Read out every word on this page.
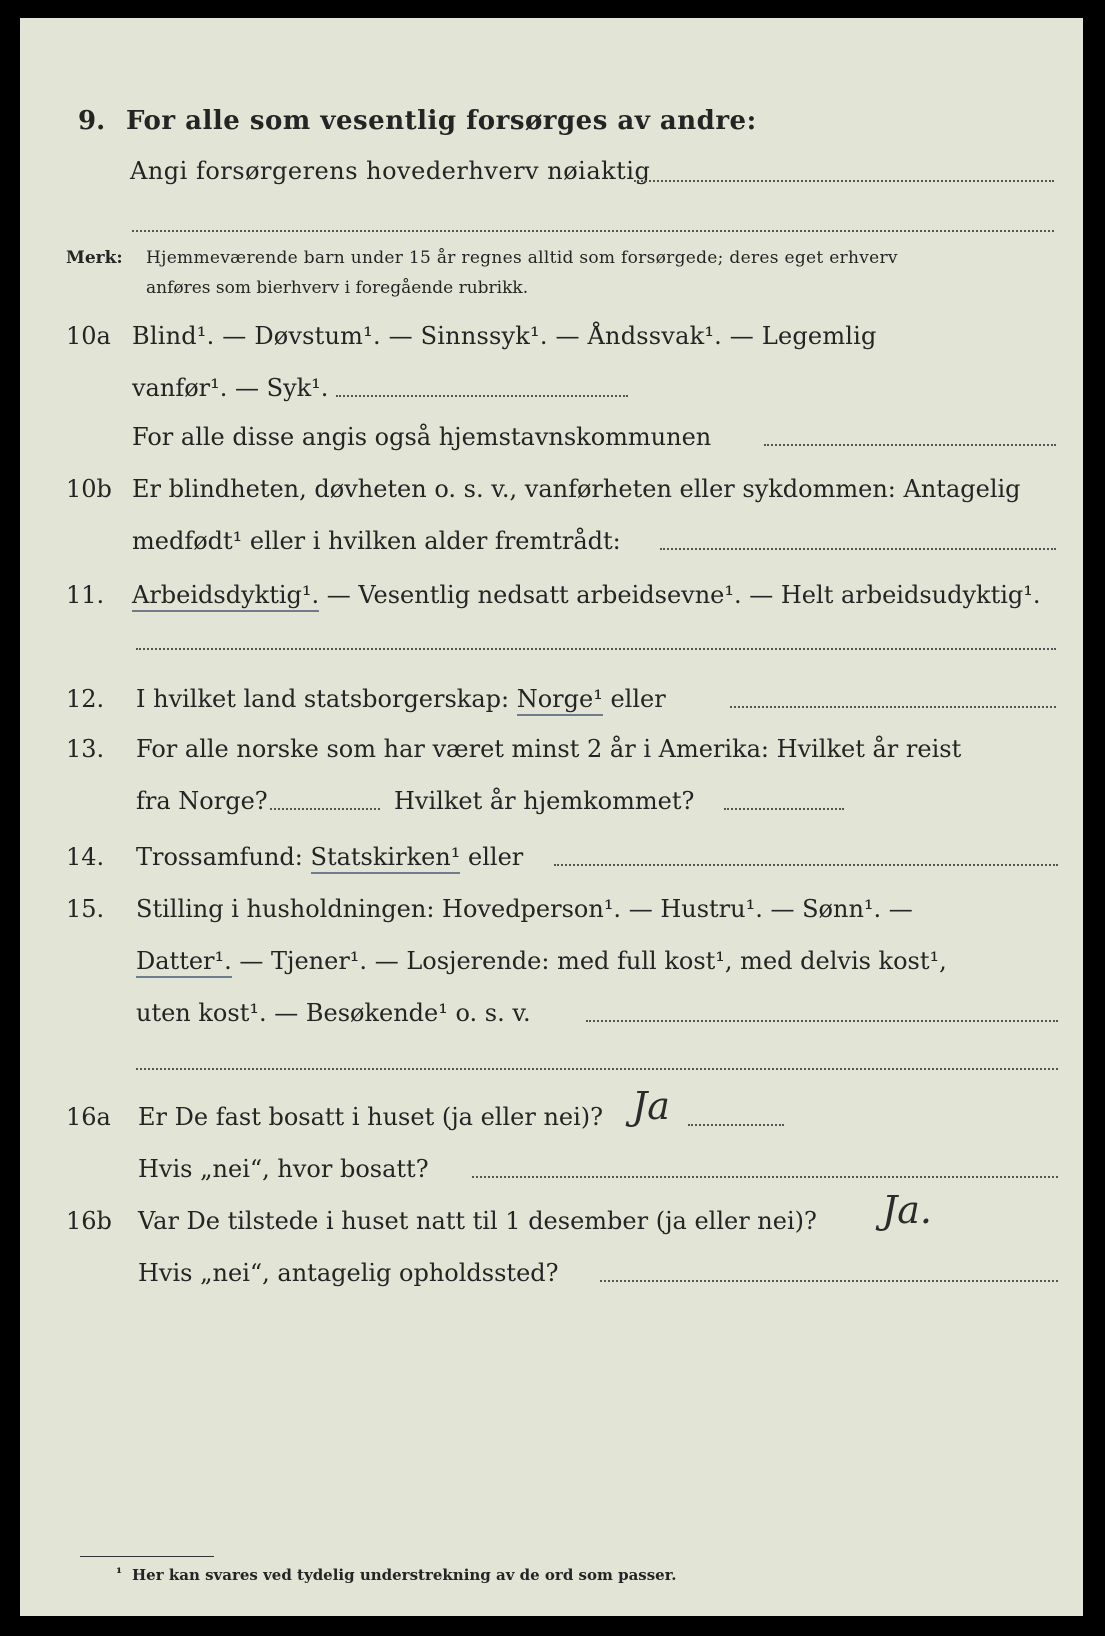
9. For alle som vesentlig forsørges av andre:
Angi forsørgerens hovederhverv nøiaktig
Merk: Hjemmeværende barn under 15 år regnes alltid som forsørgede; deres eget erhverv
anføres som bierhverv i foregående rubrikk.
10a Blind¹. — Døvstum¹. — Sinnssyk¹. — Åndssvak¹. — Legemlig
vanfør¹. — Syk¹.
For alle disse angis også hjemstavnskommunen
10b Er blindheten, døvheten o. s. v., vanførheten eller sykdommen: Antagelig
medfødt¹ eller i hvilken alder fremtrådt:
11. Arbeidsdyktig¹. — Vesentlig nedsatt arbeidsevne¹. — Helt arbeidsudyktig¹.
12. I hvilket land statsborgerskap: Norge¹ eller
13. For alle norske som har været minst 2 år i Amerika: Hvilket år reist
fra Norge?	Hvilket år hjemkommet?
14. Trossamfund: Statskirken¹ eller
15. Stilling i husholdningen: Hovedperson¹. — Hustru¹. — Sønn¹. —
Datter¹. — Tjener¹. — Losjerende: med full kost¹, med delvis kost¹,
uten kost¹. — Besøkende¹ o. s. v.
16a Er De fast bosatt i huset (ja eller nei)? Ja
Hvis „nei“, hvor bosatt?
16b Var De tilstede i huset natt til 1 desember (ja eller nei)? Ja.
Hvis „nei“, antagelig opholdssted?
¹ Her kan svares ved tydelig understrekning av de ord som passer.
